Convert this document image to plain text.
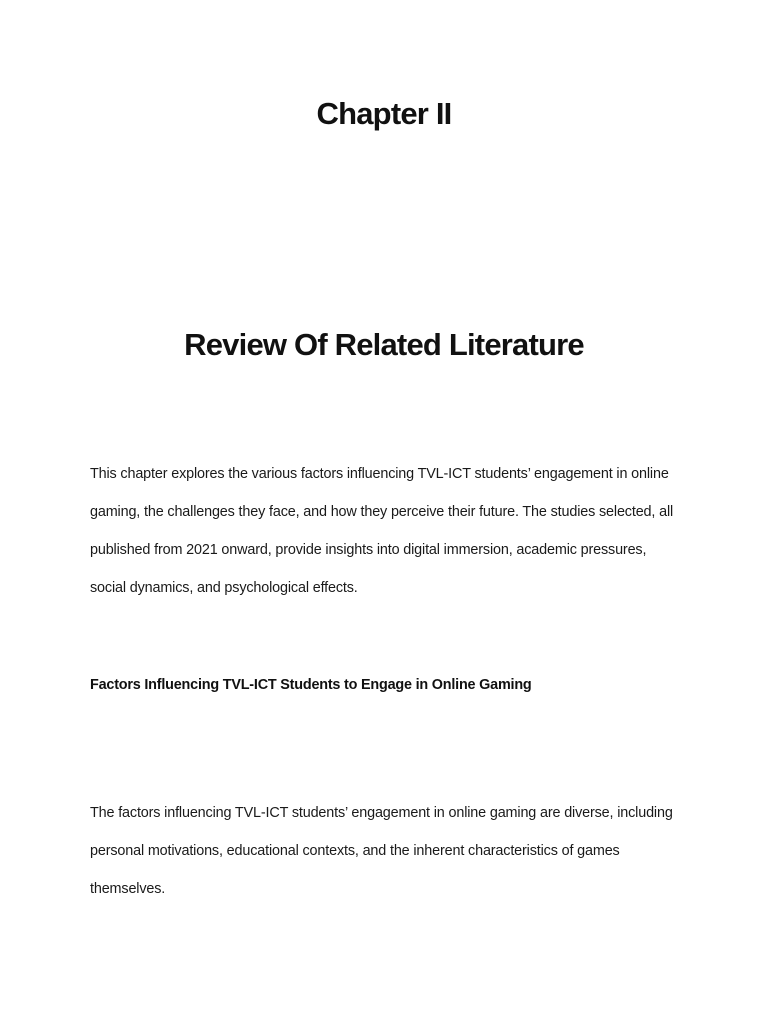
Chapter II
Review Of Related Literature

This chapter explores the various factors influencing TVL-ICT students’ engagement in online gaming, the challenges they face, and how they perceive their future. The studies selected, all published from 2021 onward, provide insights into digital immersion, academic pressures, social dynamics, and psychological effects.

Factors Influencing TVL-ICT Students to Engage in Online Gaming

The factors influencing TVL-ICT students’ engagement in online gaming are diverse, including personal motivations, educational contexts, and the inherent characteristics of games themselves.
